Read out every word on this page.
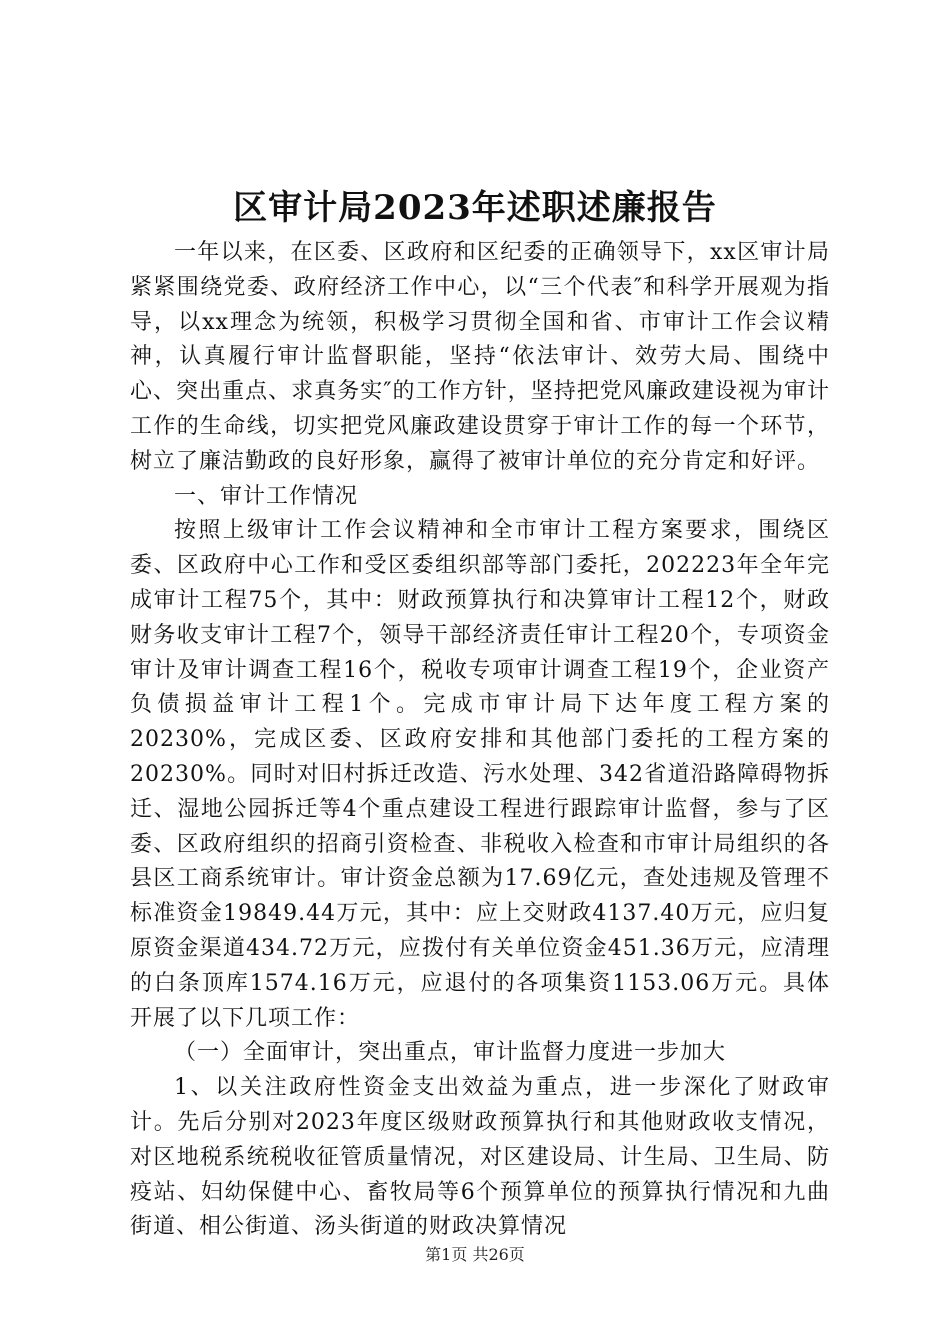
区审计局2023年述职述廉报告

一年以来，在区委、区政府和区纪委的正确领导下，xx区审计局紧紧围绕党委、政府经济工作中心，以“三个代表″和科学开展观为指导，以xx理念为统领，积极学习贯彻全国和省、市审计工作会议精神，认真履行审计监督职能，坚持“依法审计、效劳大局、围绕中心、突出重点、求真务实″的工作方针，坚持把党风廉政建设视为审计工作的生命线，切实把党风廉政建设贯穿于审计工作的每一个环节，树立了廉洁勤政的良好形象，赢得了被审计单位的充分肯定和好评。

一、审计工作情况

按照上级审计工作会议精神和全市审计工程方案要求，围绕区委、区政府中心工作和受区委组织部等部门委托，202223年全年完成审计工程75个，其中：财政预算执行和决算审计工程12个，财政财务收支审计工程7个，领导干部经济责任审计工程20个，专项资金审计及审计调查工程16个，税收专项审计调查工程19个，企业资产负债损益审计工程1个。完成市审计局下达年度工程方案的20230%，完成区委、区政府安排和其他部门委托的工程方案的20230%。同时对旧村拆迁改造、污水处理、342省道沿路障碍物拆迁、湿地公园拆迁等4个重点建设工程进行跟踪审计监督，参与了区委、区政府组织的招商引资检查、非税收入检查和市审计局组织的各县区工商系统审计。审计资金总额为17.69亿元，查处违规及管理不标准资金19849.44万元，其中：应上交财政4137.40万元，应归复原资金渠道434.72万元，应拨付有关单位资金451.36万元，应清理的白条顶库1574.16万元，应退付的各项集资1153.06万元。具体开展了以下几项工作：

（一）全面审计，突出重点，审计监督力度进一步加大

1、以关注政府性资金支出效益为重点，进一步深化了财政审计。先后分别对2023年度区级财政预算执行和其他财政收支情况，对区地税系统税收征管质量情况，对区建设局、计生局、卫生局、防疫站、妇幼保健中心、畜牧局等6个预算单位的预算执行情况和九曲街道、相公街道、汤头街道的财政决算情况

第1页 共26页
